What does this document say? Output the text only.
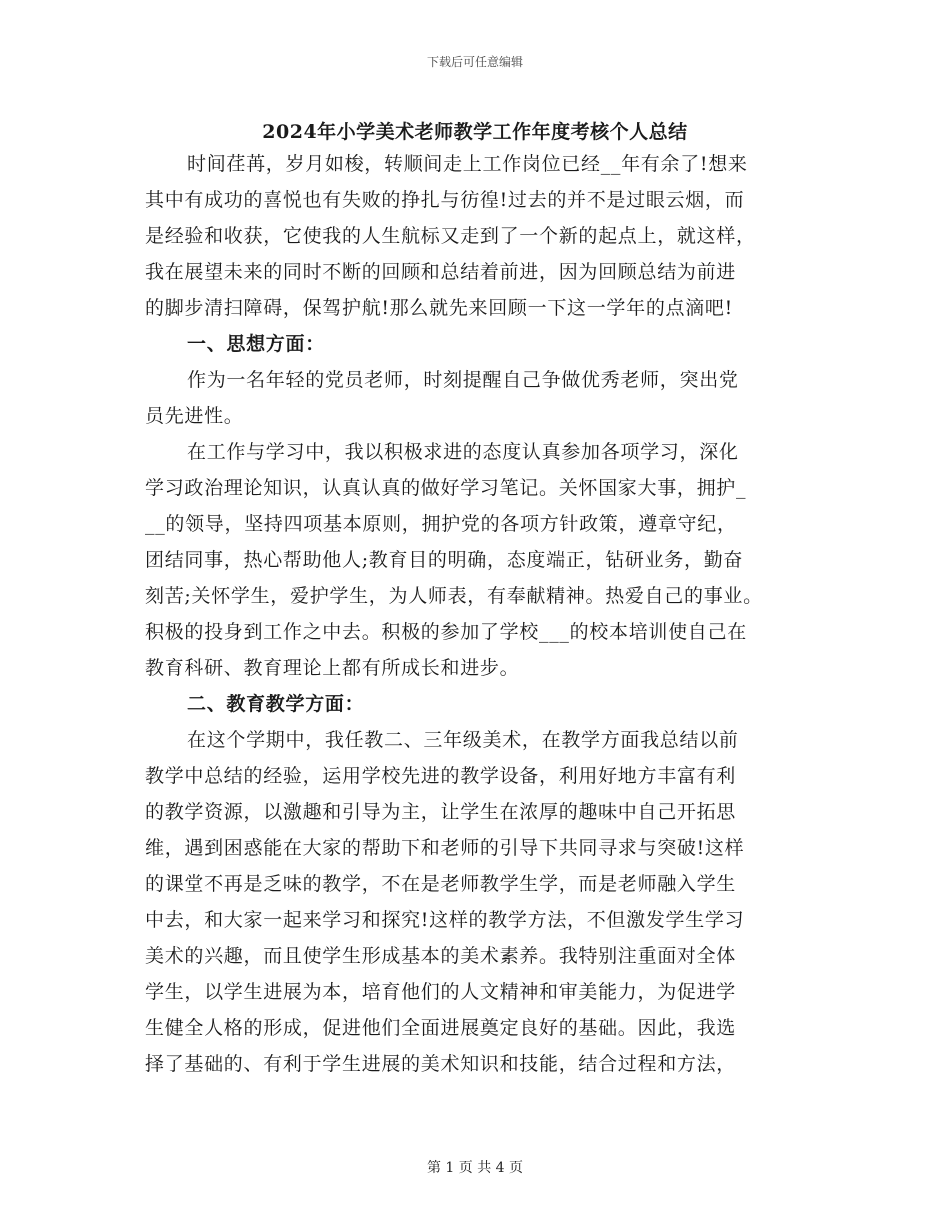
下载后可任意编辑
2024年小学美术老师教学工作年度考核个人总结
时间荏苒，岁月如梭，转顺间走上工作岗位已经__年有余了!想来
其中有成功的喜悦也有失败的挣扎与彷徨!过去的并不是过眼云烟，而
是经验和收获，它使我的人生航标又走到了一个新的起点上，就这样，
我在展望未来的同时不断的回顾和总结着前进，因为回顾总结为前进
的脚步清扫障碍，保驾护航!那么就先来回顾一下这一学年的点滴吧!
一、思想方面：
作为一名年轻的党员老师，时刻提醒自己争做优秀老师，突出党
员先进性。
在工作与学习中，我以积极求进的态度认真参加各项学习，深化
学习政治理论知识，认真认真的做好学习笔记。关怀国家大事，拥护_
__的领导，坚持四项基本原则，拥护党的各项方针政策，遵章守纪，
团结同事，热心帮助他人;教育目的明确，态度端正，钻研业务，勤奋
刻苦;关怀学生，爱护学生，为人师表，有奉献精神。热爱自己的事业。
积极的投身到工作之中去。积极的参加了学校___的校本培训使自己在
教育科研、教育理论上都有所成长和进步。
二、教育教学方面：
在这个学期中，我任教二、三年级美术，在教学方面我总结以前
教学中总结的经验，运用学校先进的教学设备，利用好地方丰富有利
的教学资源，以激趣和引导为主，让学生在浓厚的趣味中自己开拓思
维，遇到困惑能在大家的帮助下和老师的引导下共同寻求与突破!这样
的课堂不再是乏味的教学，不在是老师教学生学，而是老师融入学生
中去，和大家一起来学习和探究!这样的教学方法，不但激发学生学习
美术的兴趣，而且使学生形成基本的美术素养。我特别注重面对全体
学生，以学生进展为本，培育他们的人文精神和审美能力，为促进学
生健全人格的形成，促进他们全面进展奠定良好的基础。因此，我选
择了基础的、有利于学生进展的美术知识和技能，结合过程和方法，
第 1 页 共 4 页
